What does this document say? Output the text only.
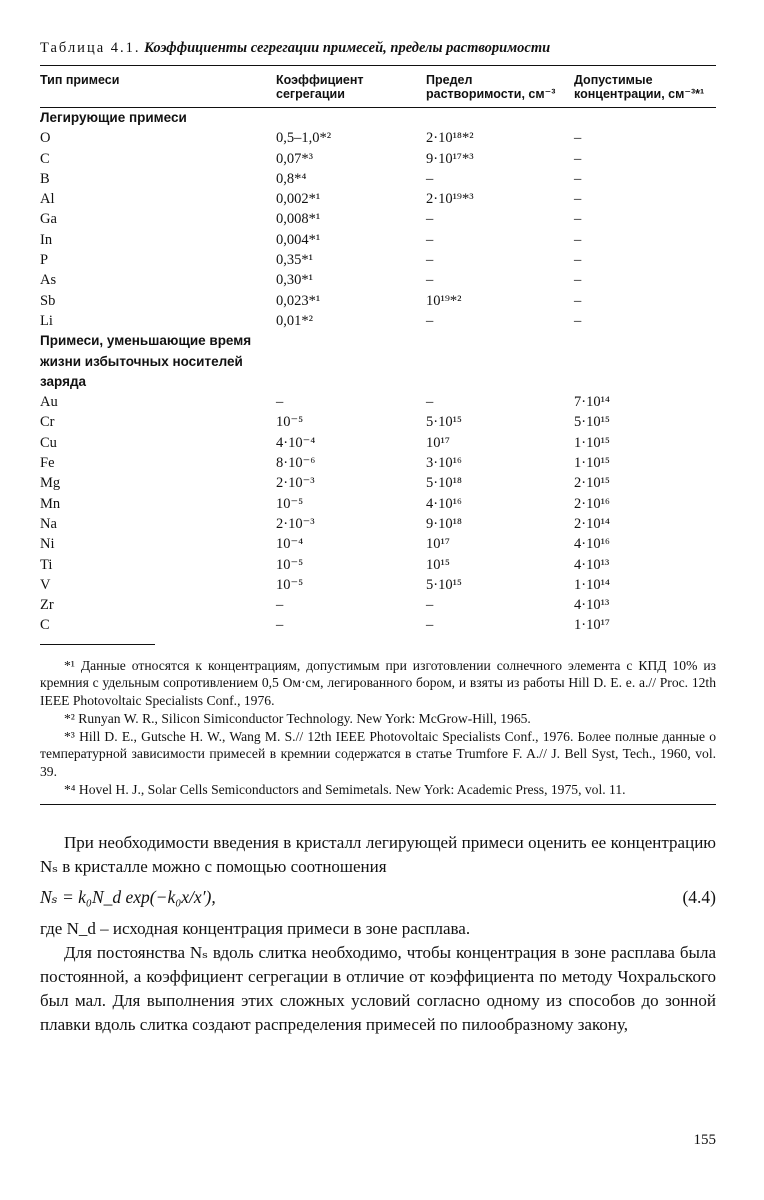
Таблица 4.1. Коэффициенты сегрегации примесей, пределы растворимости
Тип примеси	Коэффициент сегрегации	Предел растворимости, см⁻³	Допустимые концентрации, см⁻³*¹
Легирующие примеси			
O	0,5–1,0*²	2·10¹⁸*²	–
C	0,07*³	9·10¹⁷*³	–
B	0,8*⁴	–	–
Al	0,002*¹	2·10¹⁹*³	–
Ga	0,008*¹	–	–
In	0,004*¹	–	–
P	0,35*¹	–	–
As	0,30*¹	–	–
Sb	0,023*¹	10¹⁹*²	–
Li	0,01*²	–	–

Примеси, уменьшающие время жизни избыточных носителей заряда			

Au	–	–	7·10¹⁴
Cr	10⁻⁵	5·10¹⁵	5·10¹⁵
Cu	4·10⁻⁴	10¹⁷	1·10¹⁵
Fe	8·10⁻⁶	3·10¹⁶	1·10¹⁵
Mg	2·10⁻³	5·10¹⁸	2·10¹⁵
Mn	10⁻⁵	4·10¹⁶	2·10¹⁶
Na	2·10⁻³	9·10¹⁸	2·10¹⁴
Ni	10⁻⁴	10¹⁷	4·10¹⁶
Ti	10⁻⁵	10¹⁵	4·10¹³
V	10⁻⁵	5·10¹⁵	1·10¹⁴
Zr	–	–	4·10¹³
C	–	–	1·10¹⁷

*¹ Данные относятся к концентрациям, допустимым при изготовлении солнечного элемента с КПД 10% из кремния с удельным сопротивлением 0,5 Ом·см, легированного бором, и взяты из работы Hill D. E. e. a.// Proc. 12th IEEE Photovoltaic Specialists Conf., 1976.

*² Runyan W. R., Silicon Simiconductor Technology. New York: McGrow-Hill, 1965.

*³ Hill D. E., Gutsche H. W., Wang M. S.// 12th IEEE Photovoltaic Specialists Conf., 1976. Более полные данные о температурной зависимости примесей в кремнии содержатся в статье Trumfore F. A.// J. Bell Syst, Tech., 1960, vol. 39.

*⁴ Hovel H. J., Solar Cells Semiconductors and Semimetals. New York: Academic Press, 1975, vol. 11.

При необходимости введения в кристалл легирующей примеси оценить ее концентрацию Nₛ в кристалле можно с помощью соотношения

Nₛ = k₀N_d exp(−k₀x/x′),	(4.4)

где N_d – исходная концентрация примеси в зоне расплава.

Для постоянства Nₛ вдоль слитка необходимо, чтобы концентрация в зоне расплава была постоянной, а коэффициент сегрегации в отличие от коэффициента по методу Чохральского был мал. Для выполнения этих сложных условий согласно одному из способов до зонной плавки вдоль слитка создают распределения примесей по пилообразному закону,

155
